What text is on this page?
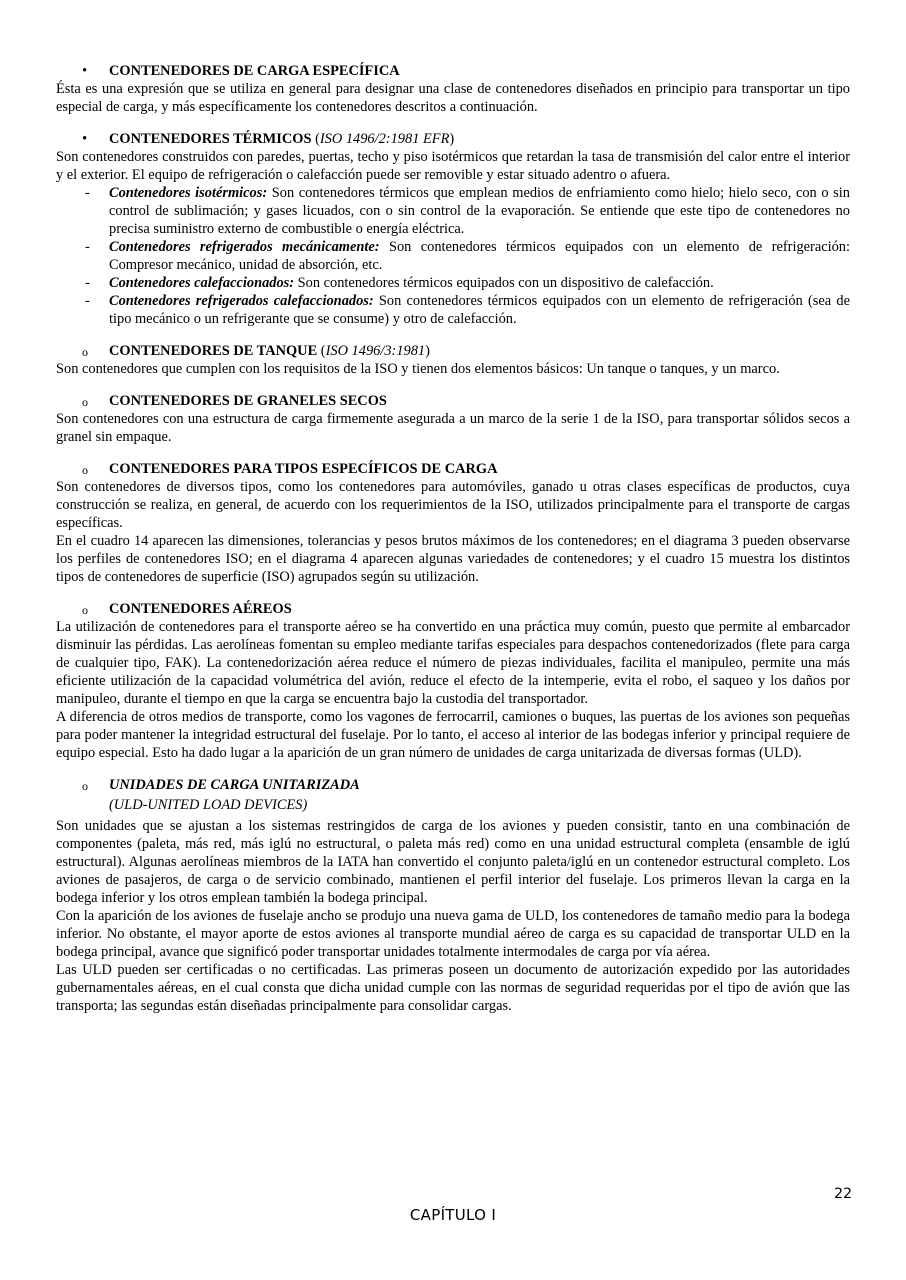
• CONTENEDORES DE CARGA ESPECÍFICA

Ésta es una expresión que se utiliza en general para designar una clase de contenedores diseñados en principio para transportar un tipo especial de carga, y más específicamente los contenedores descritos a continuación.

• CONTENEDORES TÉRMICOS (ISO 1496/2:1981 EFR)

Son contenedores construidos con paredes, puertas, techo y piso isotérmicos que retardan la tasa de transmisión del calor entre el interior y el exterior. El equipo de refrigeración o calefacción puede ser removible y estar situado adentro o afuera.

- Contenedores isotérmicos: Son contenedores térmicos que emplean medios de enfriamiento como hielo; hielo seco, con o sin control de sublimación; y gases licuados, con o sin control de la evaporación. Se entiende que este tipo de contenedores no precisa suministro externo de combustible o energía eléctrica.
- Contenedores refrigerados mecánicamente: Son contenedores térmicos equipados con un elemento de refrigeración: Compresor mecánico, unidad de absorción, etc.
- Contenedores calefaccionados: Son contenedores térmicos equipados con un dispositivo de calefacción.
- Contenedores refrigerados calefaccionados: Son contenedores térmicos equipados con un elemento de refrigeración (sea de tipo mecánico o un refrigerante que se consume) y otro de calefacción.
o CONTENEDORES DE TANQUE (ISO 1496/3:1981)

Son contenedores que cumplen con los requisitos de la ISO y tienen dos elementos básicos: Un tanque o tanques, y un marco.

o CONTENEDORES DE GRANELES SECOS

Son contenedores con una estructura de carga firmemente asegurada a un marco de la serie 1 de la ISO, para transportar sólidos secos a granel sin empaque.

o CONTENEDORES PARA TIPOS ESPECÍFICOS DE CARGA

Son contenedores de diversos tipos, como los contenedores para automóviles, ganado u otras clases específicas de productos, cuya construcción se realiza, en general, de acuerdo con los requerimientos de la ISO, utilizados principalmente para el transporte de cargas específicas.

En el cuadro 14 aparecen las dimensiones, tolerancias y pesos brutos máximos de los contenedores; en el diagrama 3 pueden observarse los perfiles de contenedores ISO; en el diagrama 4 aparecen algunas variedades de contenedores; y el cuadro 15 muestra los distintos tipos de contenedores de superficie (ISO) agrupados según su utilización.

o CONTENEDORES AÉREOS

La utilización de contenedores para el transporte aéreo se ha convertido en una práctica muy común, puesto que permite al embarcador disminuir las pérdidas. Las aerolíneas fomentan su empleo mediante tarifas especiales para despachos contenedorizados (flete para carga de cualquier tipo, FAK). La contenedorización aérea reduce el número de piezas individuales, facilita el manipuleo, permite una más eficiente utilización de la capacidad volumétrica del avión, reduce el efecto de la intemperie, evita el robo, el saqueo y los daños por manipuleo, durante el tiempo en que la carga se encuentra bajo la custodia del transportador.

A diferencia de otros medios de transporte, como los vagones de ferrocarril, camiones o buques, las puertas de los aviones son pequeñas para poder mantener la integridad estructural del fuselaje. Por lo tanto, el acceso al interior de las bodegas inferior y principal requiere de equipo especial. Esto ha dado lugar a la aparición de un gran número de unidades de carga unitarizada de diversas formas (ULD).

o UNIDADES DE CARGA UNITARIZADA
(ULD-UNITED LOAD DEVICES)

Son unidades que se ajustan a los sistemas restringidos de carga de los aviones y pueden consistir, tanto en una combinación de componentes (paleta, más red, más iglú no estructural, o paleta más red) como en una unidad estructural completa (ensamble de iglú estructural). Algunas aerolíneas miembros de la IATA han convertido el conjunto paleta/iglú en un contenedor estructural completo. Los aviones de pasajeros, de carga o de servicio combinado, mantienen el perfil interior del fuselaje. Los primeros llevan la carga en la bodega inferior y los otros emplean también la bodega principal.

Con la aparición de los aviones de fuselaje ancho se produjo una nueva gama de ULD, los contenedores de tamaño medio para la bodega inferior. No obstante, el mayor aporte de estos aviones al transporte mundial aéreo de carga es su capacidad de transportar ULD en la bodega principal, avance que significó poder transportar unidades totalmente intermodales de carga por vía aérea.

Las ULD pueden ser certificadas o no certificadas. Las primeras poseen un documento de autorización expedido por las autoridades gubernamentales aéreas, en el cual consta que dicha unidad cumple con las normas de seguridad requeridas por el tipo de avión que las transporta; las segundas están diseñadas principalmente para consolidar cargas.

22
CAPÍTULO I
